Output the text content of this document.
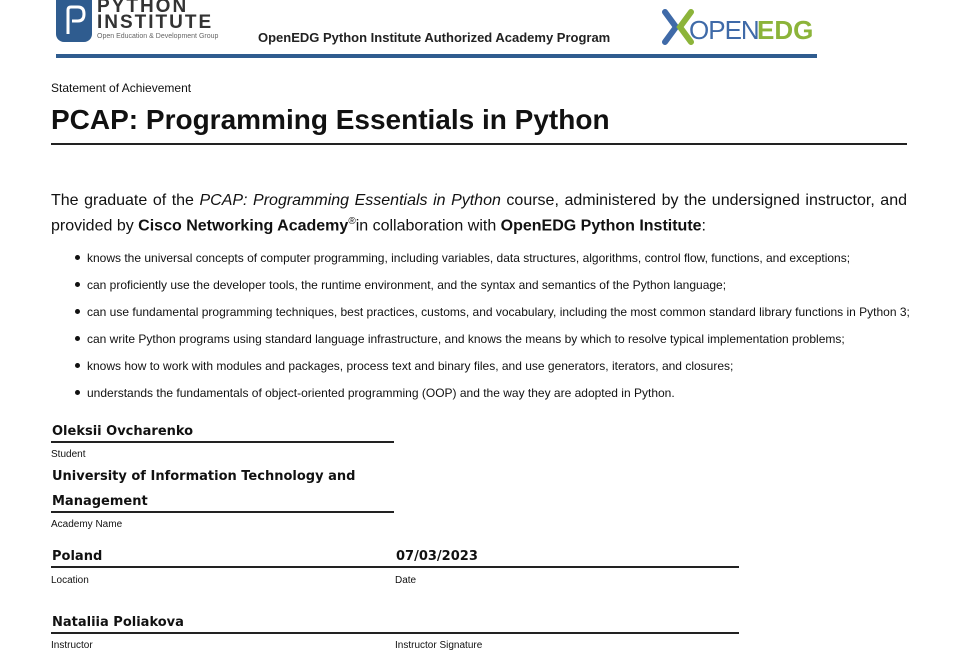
PYTHON
INSTITUTE
Open Education & Development Group	OpenEDG Python Institute Authorized Academy Program	OPEN
EDG
Statement of Achievement
PCAP: Programming Essentials in Python
The graduate of the PCAP: Programming Essentials in Python course, administered by the undersigned instructor, and provided by Cisco Networking Academy®in collaboration with OpenEDG Python Institute:
knows the universal concepts of computer programming, including variables, data structures, algorithms, control flow, functions, and exceptions;
can proficiently use the developer tools, the runtime environment, and the syntax and semantics of the Python language;
can use fundamental programming techniques, best practices, customs, and vocabulary, including the most common standard library functions in Python 3;
can write Python programs using standard language infrastructure, and knows the means by which to resolve typical implementation problems;
knows how to work with modules and packages, process text and binary files, and use generators, iterators, and closures;
understands the fundamentals of object-oriented programming (OOP) and the way they are adopted in Python.
Oleksii Ovcharenko
Student
University of Information Technology and
Management
Academy Name
Poland	07/03/2023
Location	Date
Nataliia Poliakova
Instructor	Instructor Signature
